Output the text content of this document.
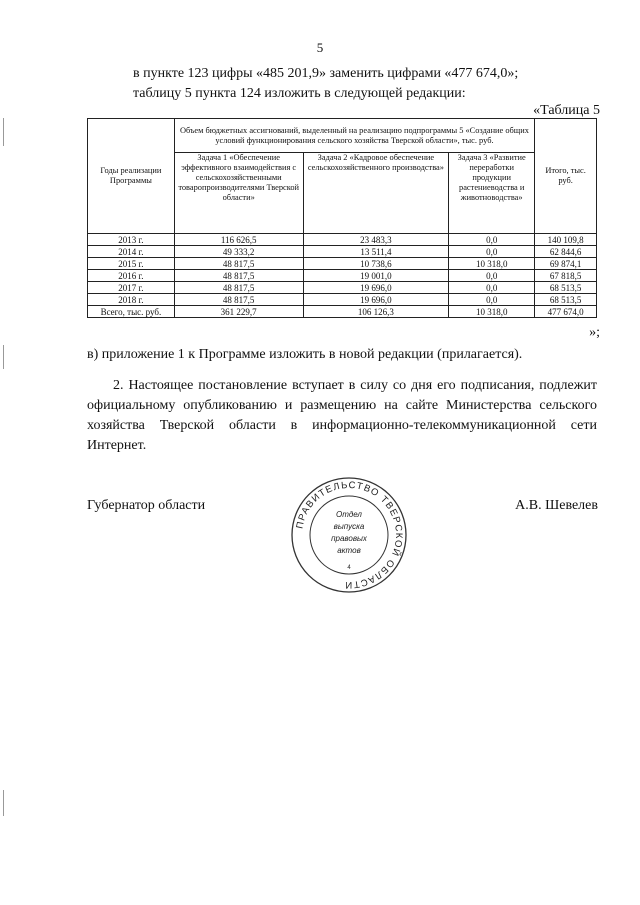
5
в пункте 123 цифры «485 201,9» заменить цифрами «477 674,0»;
таблицу 5 пункта 124 изложить в следующей редакции:
«Таблица 5
Годы реализации Программы	Объем бюджетных ассигнований, выделенный на реализацию подпрограммы 5 «Создание общих условий функционирования сельского хозяйства Тверской области», тыс. руб.			Итого, тыс. руб.
	Задача 1 «Обеспечение эффективного взаимодействия с сельскохозяйственными товаропроизводителями Тверской области»	Задача 2 «Кадровое обеспечение сельскохозяйственного производства»	Задача 3 «Развитие переработки продукции растениеводства и животноводства»	
2013 г.	116 626,5	23 483,3	0,0	140 109,8
2014 г.	49 333,2	13 511,4	0,0	62 844,6
2015 г.	48 817,5	10 738,6	10 318,0	69 874,1
2016 г.	48 817,5	19 001,0	0,0	67 818,5
2017 г.	48 817,5	19 696,0	0,0	68 513,5
2018 г.	48 817,5	19 696,0	0,0	68 513,5
Всего, тыс. руб.	361 229,7	106 126,3	10 318,0	477 674,0
»;
в) приложение 1 к Программе изложить в новой редакции (прилагается).
2. Настоящее постановление вступает в силу со дня его подписания, подлежит официальному опубликованию и размещению на сайте Министерства сельского хозяйства Тверской области в информационно-телекоммуникационной сети Интернет.
Губернатор области
ПРАВИТЕЛЬСТВО ТВЕРСКОЙ ОБЛАСТИ
Отдел
выпуска
правовых
актов
4
А.В. Шевелев
